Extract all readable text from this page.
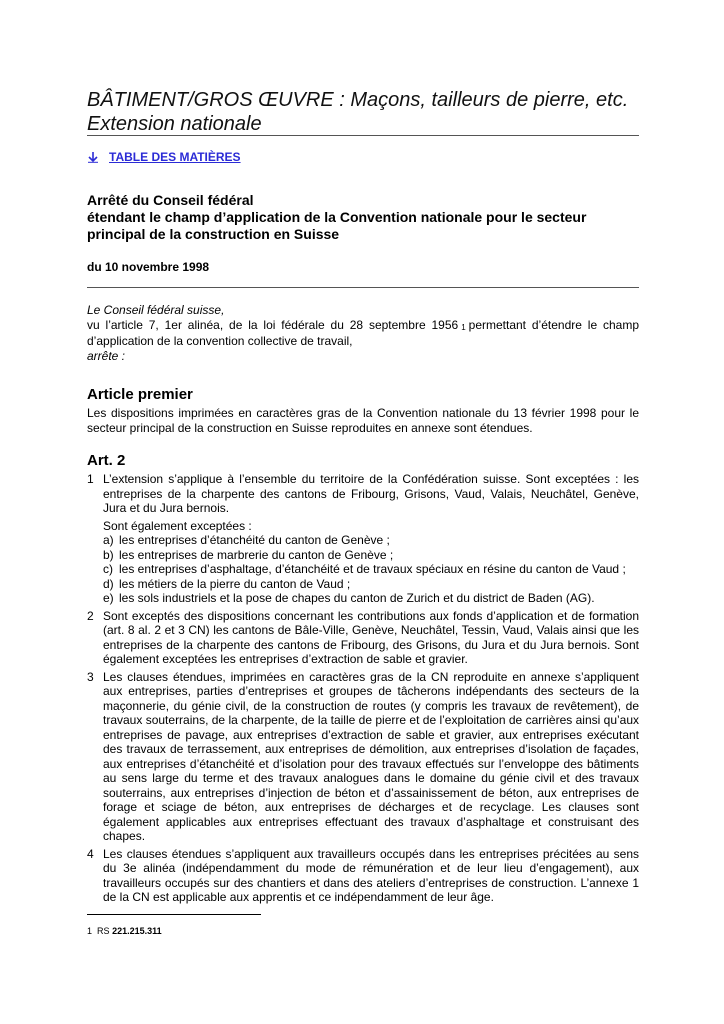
BÂTIMENT/GROS ŒUVRE : Maçons, tailleurs de pierre, etc.
Extension nationale
TABLE DES MATIÈRES
Arrêté du Conseil fédéral
étendant le champ d’application de la Convention nationale pour le secteur principal de la construction en Suisse
du 10 novembre 1998
Le Conseil fédéral suisse,
vu l’article 7, 1er alinéa, de la loi fédérale du 28 septembre 1956 1 permettant d’étendre le champ d’application de la convention collective de travail,
arrête :
Article premier
Les dispositions imprimées en caractères gras de la Convention nationale du 13 février 1998 pour le secteur principal de la construction en Suisse reproduites en annexe sont étendues.
Art. 2
1 L’extension s’applique à l’ensemble du territoire de la Confédération suisse. Sont exceptées : les entreprises de la charpente des cantons de Fribourg, Grisons, Vaud, Valais, Neuchâtel, Genève, Jura et du Jura bernois.
Sont également exceptées :
a) les entreprises d’étanchéité du canton de Genève ;
b) les entreprises de marbrerie du canton de Genève ;
c) les entreprises d’asphaltage, d’étanchéité et de travaux spéciaux en résine du canton de Vaud ;
d) les métiers de la pierre du canton de Vaud ;
e) les sols industriels et la pose de chapes du canton de Zurich et du district de Baden (AG).
2 Sont exceptés des dispositions concernant les contributions aux fonds d’application et de formation (art. 8 al. 2 et 3 CN) les cantons de Bâle-Ville, Genève, Neuchâtel, Tessin, Vaud, Valais ainsi que les entreprises de la charpente des cantons de Fribourg, des Grisons, du Jura et du Jura bernois. Sont également exceptées les entreprises d’extraction de sable et gravier.
3 Les clauses étendues, imprimées en caractères gras de la CN reproduite en annexe s’appliquent aux entreprises, parties d’entreprises et groupes de tâcherons indépendants des secteurs de la maçonnerie, du génie civil, de la construction de routes (y compris les travaux de revêtement), de travaux souterrains, de la charpente, de la taille de pierre et de l’exploitation de carrières ainsi qu’aux entreprises de pavage, aux entreprises d’extraction de sable et gravier, aux entreprises exécutant des travaux de terrassement, aux entreprises de démolition, aux entreprises d’isolation de façades, aux entreprises d’étanchéité et d’isolation pour des travaux effectués sur l’enveloppe des bâtiments au sens large du terme et des travaux analogues dans le domaine du génie civil et des travaux souterrains, aux entreprises d’injection de béton et d’assainissement de béton, aux entreprises de forage et sciage de béton, aux entreprises de décharges et de recyclage. Les clauses sont également applicables aux entreprises effectuant des travaux d’asphaltage et construisant des chapes.
4 Les clauses étendues s’appliquent aux travailleurs occupés dans les entreprises précitées au sens du 3e alinéa (indépendamment du mode de rémunération et de leur lieu d’engagement), aux travailleurs occupés sur des chantiers et dans des ateliers d’entreprises de construction. L’annexe 1 de la CN est applicable aux apprentis et ce indépendamment de leur âge.
1 RS 221.215.311
